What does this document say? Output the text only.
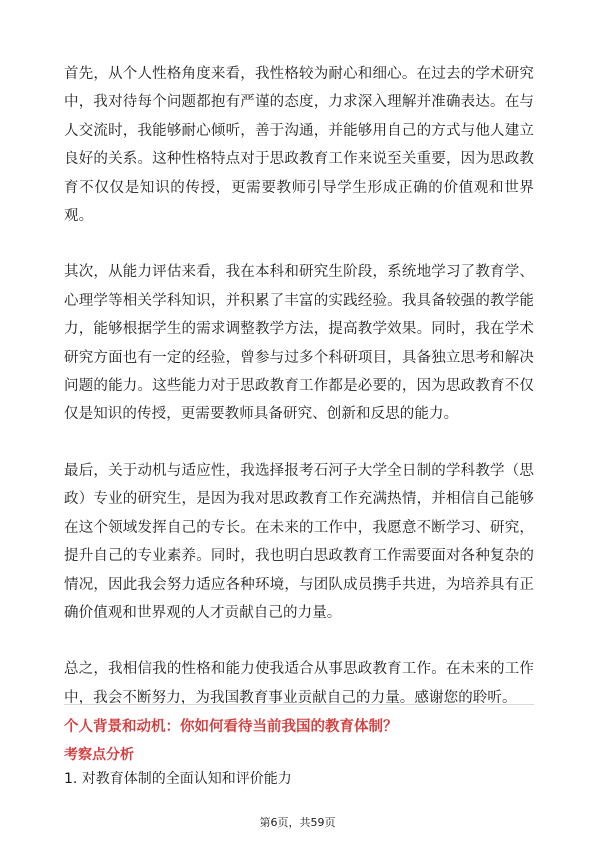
首先，从个人性格角度来看，我性格较为耐心和细心。在过去的学术研究中，我对待每个问题都抱有严谨的态度，力求深入理解并准确表达。在与人交流时，我能够耐心倾听，善于沟通，并能够用自己的方式与他人建立良好的关系。这种性格特点对于思政教育工作来说至关重要，因为思政教育不仅仅是知识的传授，更需要教师引导学生形成正确的价值观和世界观。

其次，从能力评估来看，我在本科和研究生阶段，系统地学习了教育学、心理学等相关学科知识，并积累了丰富的实践经验。我具备较强的教学能力，能够根据学生的需求调整教学方法，提高教学效果。同时，我在学术研究方面也有一定的经验，曾参与过多个科研项目，具备独立思考和解决问题的能力。这些能力对于思政教育工作都是必要的，因为思政教育不仅仅是知识的传授，更需要教师具备研究、创新和反思的能力。

最后，关于动机与适应性，我选择报考石河子大学全日制的学科教学（思政）专业的研究生，是因为我对思政教育工作充满热情，并相信自己能够在这个领域发挥自己的专长。在未来的工作中，我愿意不断学习、研究，提升自己的专业素养。同时，我也明白思政教育工作需要面对各种复杂的情况，因此我会努力适应各种环境，与团队成员携手共进，为培养具有正确价值观和世界观的人才贡献自己的力量。

总之，我相信我的性格和能力使我适合从事思政教育工作。在未来的工作中，我会不断努力，为我国教育事业贡献自己的力量。感谢您的聆听。

个人背景和动机：你如何看待当前我国的教育体制？
考察点分析
1. 对教育体制的全面认知和评价能力
第6页，共59页
